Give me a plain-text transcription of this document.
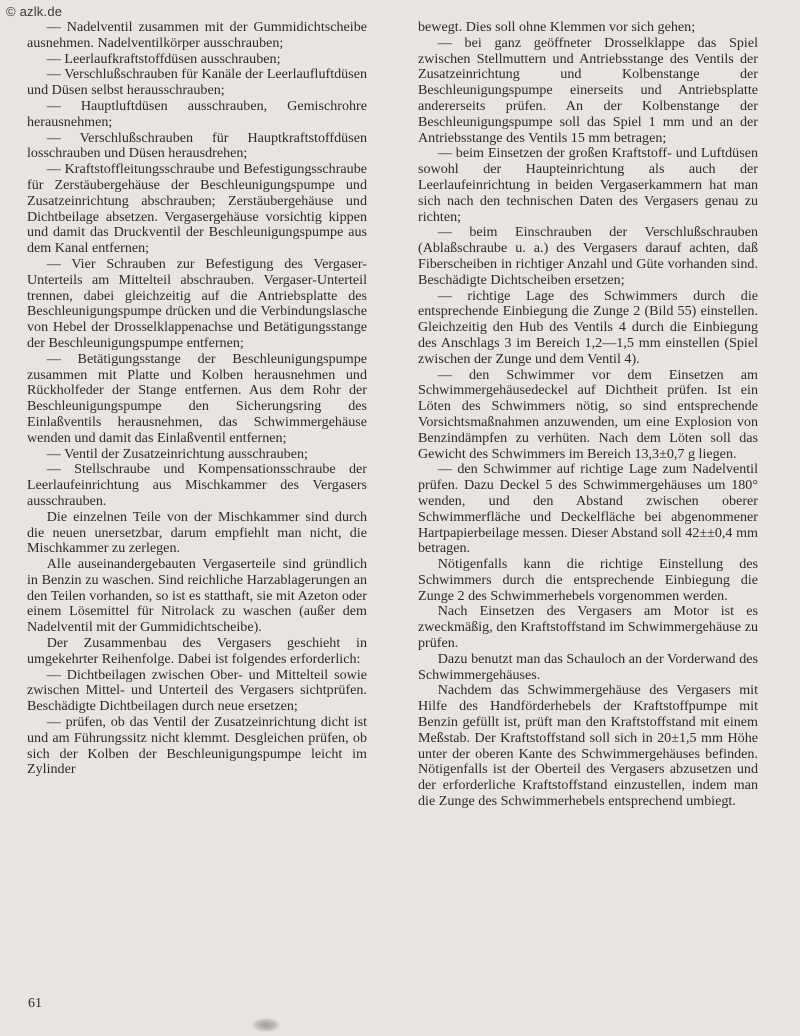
© azlk.de

— Nadelventil zusammen mit der Gummidichtscheibe ausnehmen. Nadelventilkörper ausschrauben;

— Leerlaufkraftstoffdüsen ausschrauben;

— Verschlußschrauben für Kanäle der Leerlaufluftdüsen und Düsen selbst herausschrauben;

— Hauptluftdüsen ausschrauben, Gemischrohre herausnehmen;

— Verschlußschrauben für Hauptkraftstoffdüsen losschrauben und Düsen herausdrehen;

— Kraftstoffleitungsschraube und Befestigungsschraube für Zerstäubergehäuse der Beschleunigungspumpe und Zusatzeinrichtung abschrauben; Zerstäubergehäuse und Dichtbeilage absetzen. Vergasergehäuse vorsichtig kippen und damit das Druckventil der Beschleunigungspumpe aus dem Kanal entfernen;

— Vier Schrauben zur Befestigung des Vergaser-Unterteils am Mittelteil abschrauben. Vergaser-Unterteil trennen, dabei gleichzeitig auf die Antriebsplatte des Beschleunigungspumpe drücken und die Verbindungslasche von Hebel der Drosselklappenachse und Betätigungsstange der Beschleunigungspumpe entfernen;

— Betätigungsstange der Beschleunigungspumpe zusammen mit Platte und Kolben herausnehmen und Rückholfeder der Stange entfernen. Aus dem Rohr der Beschleunigungspumpe den Sicherungsring des Einlaßventils herausnehmen, das Schwimmergehäuse wenden und damit das Einlaßventil entfernen;

— Ventil der Zusatzeinrichtung ausschrauben;

— Stellschraube und Kompensationsschraube der Leerlaufeinrichtung aus Mischkammer des Vergasers ausschrauben.

Die einzelnen Teile von der Mischkammer sind durch die neuen unersetzbar, darum empfiehlt man nicht, die Mischkammer zu zerlegen.

Alle auseinandergebauten Vergaserteile sind gründlich in Benzin zu waschen. Sind reichliche Harzablagerungen an den Teilen vorhanden, so ist es statthaft, sie mit Azeton oder einem Lösemittel für Nitrolack zu waschen (außer dem Nadelventil mit der Gummidichtscheibe).

Der Zusammenbau des Vergasers geschieht in umgekehrter Reihenfolge. Dabei ist folgendes erforderlich:

— Dichtbeilagen zwischen Ober- und Mittelteil sowie zwischen Mittel- und Unterteil des Vergasers sichtprüfen. Beschädigte Dichtbeilagen durch neue ersetzen;

— prüfen, ob das Ventil der Zusatzeinrichtung dicht ist und am Führungssitz nicht klemmt. Desgleichen prüfen, ob sich der Kolben der Beschleunigungspumpe leicht im Zylinder

bewegt. Dies soll ohne Klemmen vor sich gehen;

— bei ganz geöffneter Drosselklappe das Spiel zwischen Stellmuttern und Antriebsstange des Ventils der Zusatzeinrichtung und Kolbenstange der Beschleunigungspumpe einerseits und Antriebsplatte andererseits prüfen. An der Kolbenstange der Beschleunigungspumpe soll das Spiel 1 mm und an der Antriebsstange des Ventils 15 mm betragen;

— beim Einsetzen der großen Kraftstoff- und Luftdüsen sowohl der Haupteinrichtung als auch der Leerlaufeinrichtung in beiden Vergaserkammern hat man sich nach den technischen Daten des Vergasers genau zu richten;

— beim Einschrauben der Verschlußschrauben (Ablaßschraube u. a.) des Vergasers darauf achten, daß Fiberscheiben in richtiger Anzahl und Güte vorhanden sind. Beschädigte Dichtscheiben ersetzen;

— richtige Lage des Schwimmers durch die entsprechende Einbiegung die Zunge 2 (Bild 55) einstellen. Gleichzeitig den Hub des Ventils 4 durch die Einbiegung des Anschlags 3 im Bereich 1,2—1,5 mm einstellen (Spiel zwischen der Zunge und dem Ventil 4).

— den Schwimmer vor dem Einsetzen am Schwimmergehäusedeckel auf Dichtheit prüfen. Ist ein Löten des Schwimmers nötig, so sind entsprechende Vorsichtsmaßnahmen anzuwenden, um eine Explosion von Benzindämpfen zu verhüten. Nach dem Löten soll das Gewicht des Schwimmers im Bereich 13,3±0,7 g liegen.

— den Schwimmer auf richtige Lage zum Nadelventil prüfen. Dazu Deckel 5 des Schwimmergehäuses um 180° wenden, und den Abstand zwischen oberer Schwimmerfläche und Deckelfläche bei abgenommener Hartpapierbeilage messen. Dieser Abstand soll 42±±0,4 mm betragen.

Nötigenfalls kann die richtige Einstellung des Schwimmers durch die entsprechende Einbiegung die Zunge 2 des Schwimmerhebels vorgenommen werden.

Nach Einsetzen des Vergasers am Motor ist es zweckmäßig, den Kraftstoffstand im Schwimmergehäuse zu prüfen.

Dazu benutzt man das Schauloch an der Vorderwand des Schwimmergehäuses.

Nachdem das Schwimmergehäuse des Vergasers mit Hilfe des Handförderhebels der Kraftstoffpumpe mit Benzin gefüllt ist, prüft man den Kraftstoffstand mit einem Meßstab. Der Kraftstoffstand soll sich in 20±1,5 mm Höhe unter der oberen Kante des Schwimmergehäuses befinden. Nötigenfalls ist der Oberteil des Vergasers abzusetzen und der erforderliche Kraftstoffstand einzustellen, indem man die Zunge des Schwimmerhebels entsprechend umbiegt.

61
